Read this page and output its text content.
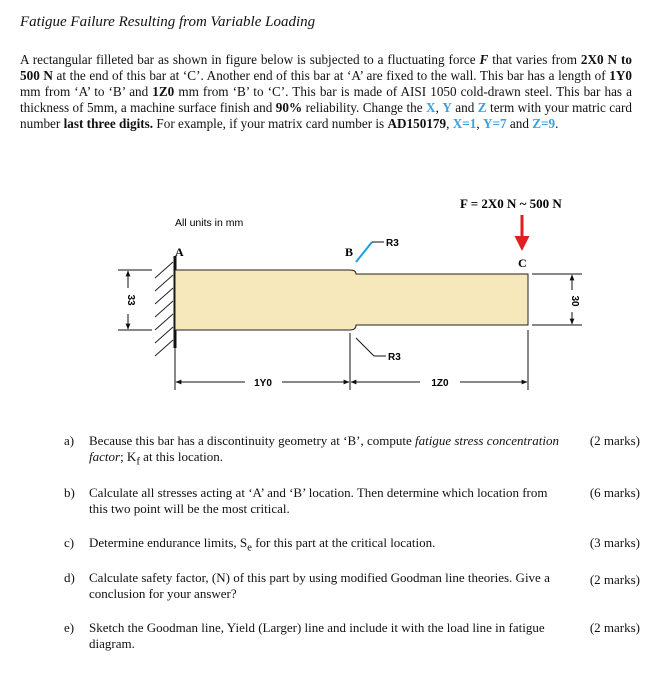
Fatigue Failure Resulting from Variable Loading
A rectangular filleted bar as shown in figure below is subjected to a fluctuating force F that varies from 2X0 N to 500 N at the end of this bar at ‘C’. Another end of this bar at ‘A’ are fixed to the wall. This bar has a length of 1Y0 mm from ‘A’ to ‘B’ and 1Z0 mm from ‘B’ to ‘C’. This bar is made of AISI 1050 cold-drawn steel. This bar has a thickness of 5mm, a machine surface finish and 90% reliability. Change the X, Y and Z term with your matric card number last three digits. For example, if your matrix card number is AD150179, X=1, Y=7 and Z=9.
F = 2X0 N ~ 500 N
All units in mm
A	B
C
R3
R3
33	30
1Y0	1Z0
a) Because this bar has a discontinuity geometry at ‘B’, compute fatigue stress concentration factor; $K_f$ at this location.
(2 marks)
b) Calculate all stresses acting at ‘A’ and ‘B’ location. Then determine which location from this two point will be the most critical.
(6 marks)
c) Determine endurance limits, $S_e$ for this part at the critical location.	(3 marks)
d) Calculate safety factor, (N) of this part by using modified Goodman line theories. Give a conclusion for your answer?
(2 marks)
e) Sketch the Goodman line, Yield (Larger) line and include it with the load line in fatigue diagram.
(2 marks)
